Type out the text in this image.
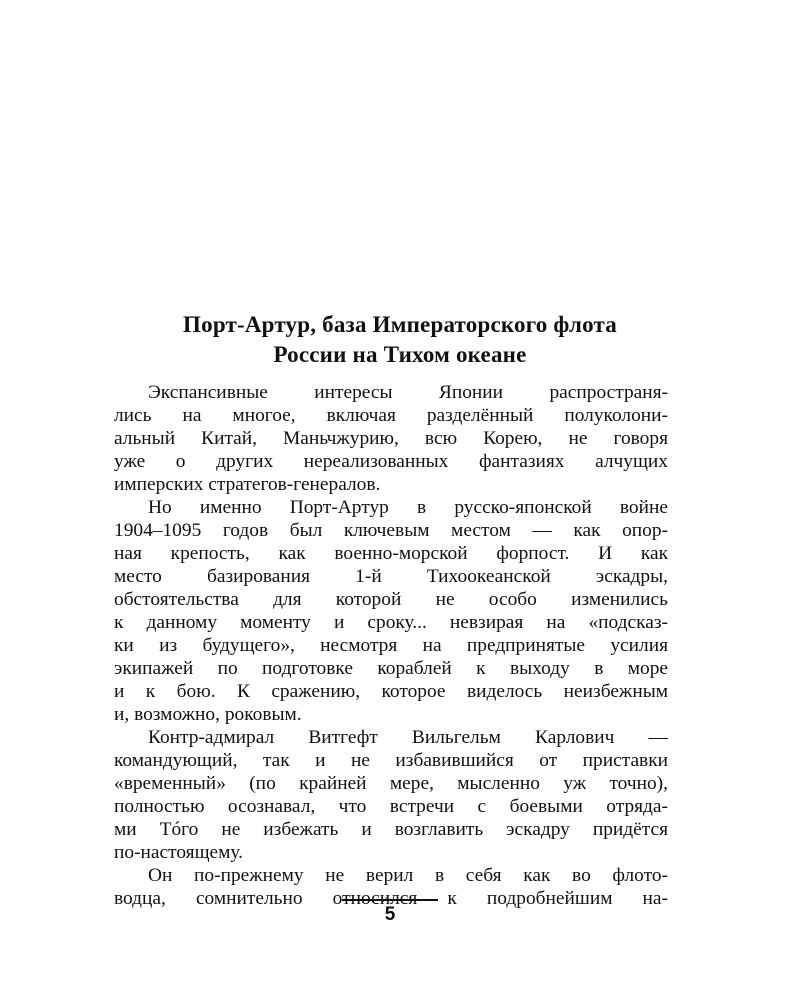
Порт-Артур, база Императорского флота
России на Тихом океане
Экспансивные интересы Японии распространя-
лись на многое, включая разделённый полуколони-
альный Китай, Маньчжурию, всю Корею, не говоря
уже о других нереализованных фантазиях алчущих
имперских стратегов-генералов.
Но именно Порт-Артур в русско-японской войне
1904–1095 годов был ключевым местом — как опор-
ная крепость, как военно-морской форпост. И как
место базирования 1-й Тихоокеанской эскадры,
обстоятельства для которой не особо изменились
к данному моменту и сроку... невзирая на «подсказ-
ки из будущего», несмотря на предпринятые усилия
экипажей по подготовке кораблей к выходу в море
и к бою. К сражению, которое виделось неизбежным
и, возможно, роковым.
Контр-адмирал Витгефт Вильгельм Карлович —
командующий, так и не избавившийся от приставки
«временный» (по крайней мере, мысленно уж точно),
полностью осознавал, что встречи с боевыми отряда-
ми Тóго не избежать и возглавить эскадру придётся
по-настоящему.
Он по-прежнему не верил в себя как во флото-
водца, сомнительно относился к подробнейшим на-
5
